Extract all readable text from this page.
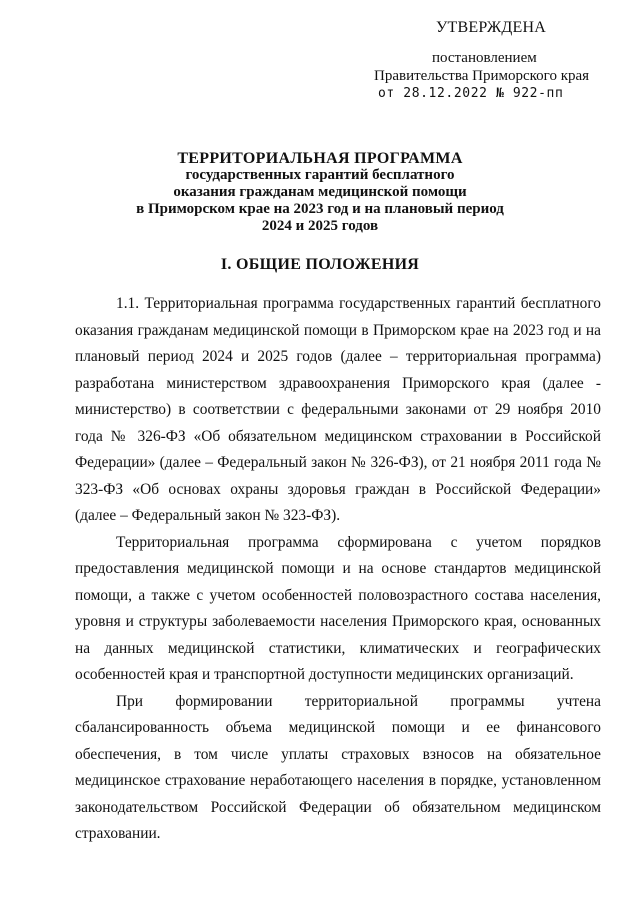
УТВЕРЖДЕНА
постановлением
Правительства Приморского края
от 28.12.2022 № 922-пп
ТЕРРИТОРИАЛЬНАЯ ПРОГРАММА
государственных гарантий бесплатного
оказания гражданам медицинской помощи
в Приморском крае на 2023 год и на плановый период
2024 и 2025 годов
I. ОБЩИЕ ПОЛОЖЕНИЯ

1.1. Территориальная программа государственных гарантий бесплатного оказания гражданам медицинской помощи в Приморском крае на 2023 год и на плановый период 2024 и 2025 годов (далее – территориальная программа) разработана министерством здравоохранения Приморского края (далее - министерство) в соответствии с федеральными законами от 29 ноября 2010 года № 326-ФЗ «Об обязательном медицинском страховании в Российской Федерации» (далее – Федеральный закон № 326-ФЗ), от 21 ноября 2011 года № 323-ФЗ «Об основах охраны здоровья граждан в Российской Федерации» (далее – Федеральный закон № 323-ФЗ).

Территориальная программа сформирована с учетом порядков предоставления медицинской помощи и на основе стандартов медицинской помощи, а также с учетом особенностей половозрастного состава населения, уровня и структуры заболеваемости населения Приморского края, основанных на данных медицинской статистики, климатических и географических особенностей края и транспортной доступности медицинских организаций.

При формировании территориальной программы учтена сбалансированность объема медицинской помощи и ее финансового обеспечения, в том числе уплаты страховых взносов на обязательное медицинское страхование неработающего населения в порядке, установленном законодательством Российской Федерации об обязательном медицинском страховании.
